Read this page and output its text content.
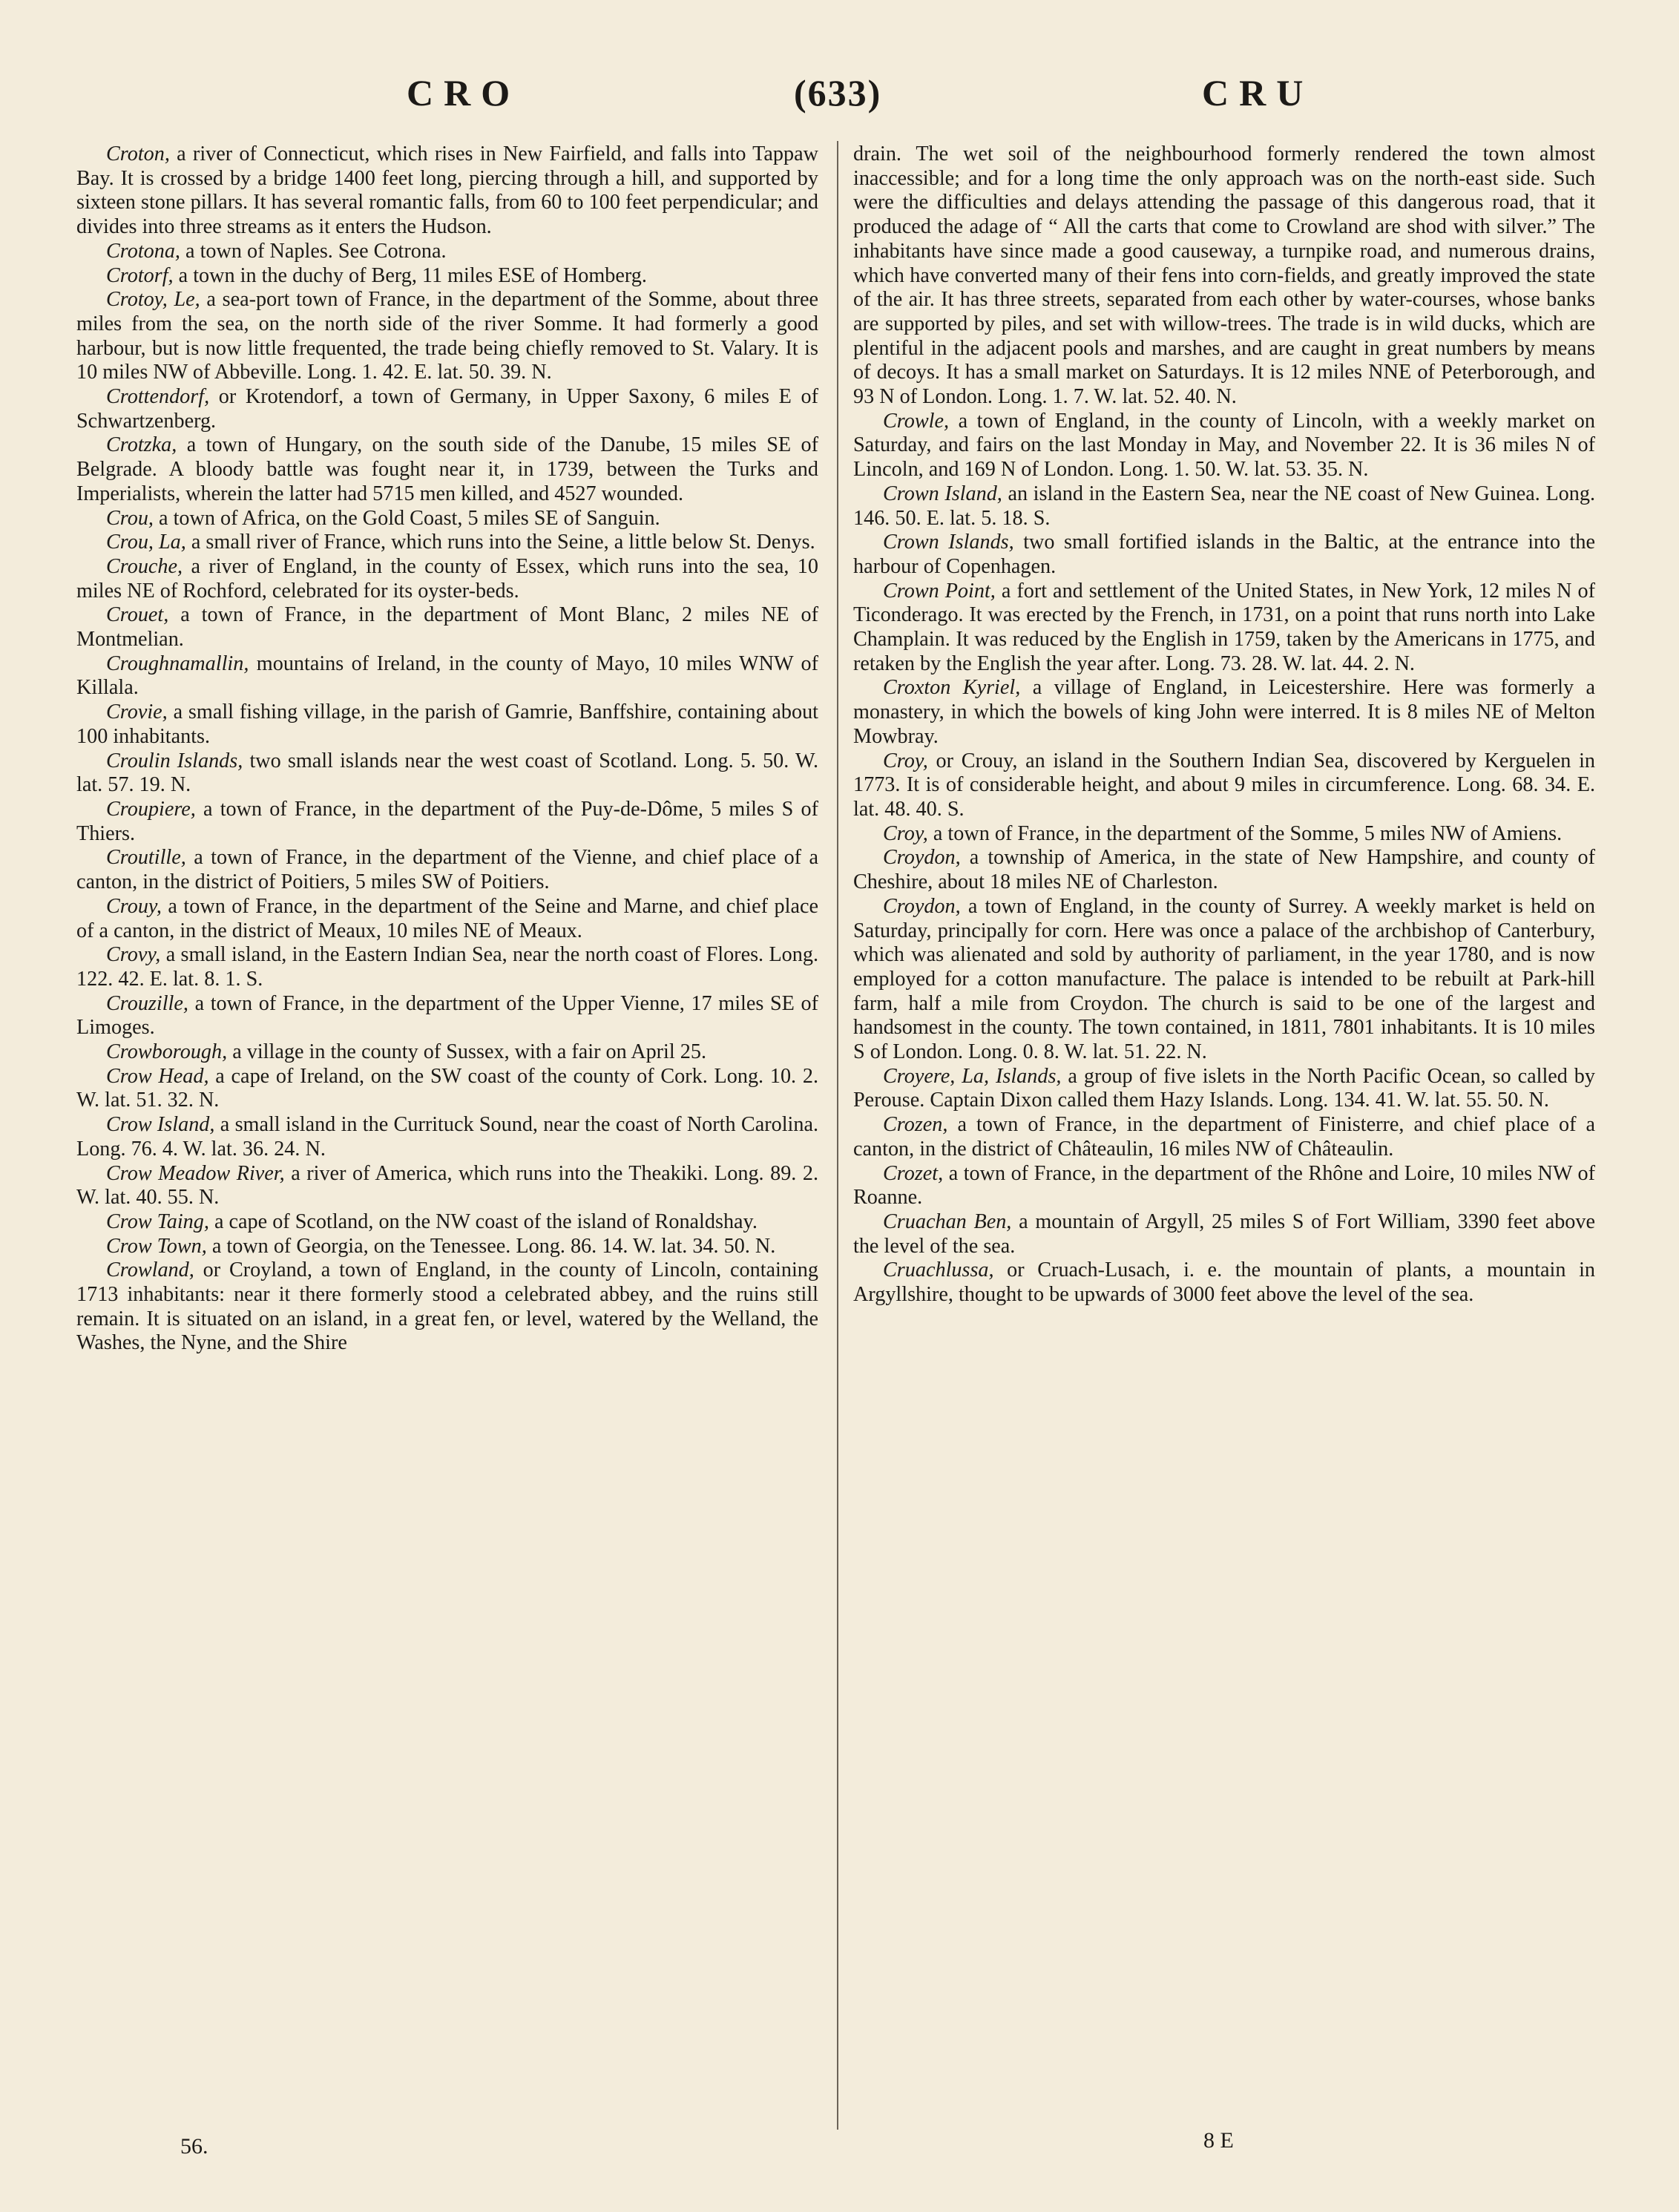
CRO	(633)	CRU

Croton, a river of Connecticut, which rises in New Fairfield, and falls into Tappaw Bay. It is crossed by a bridge 1400 feet long, piercing through a hill, and supported by sixteen stone pillars. It has several romantic falls, from 60 to 100 feet perpendicular; and divides into three streams as it enters the Hudson.

Crotona, a town of Naples. See Cotrona.

Crotorf, a town in the duchy of Berg, 11 miles ESE of Homberg.

Crotoy, Le, a sea-port town of France, in the department of the Somme, about three miles from the sea, on the north side of the river Somme. It had formerly a good harbour, but is now little frequented, the trade being chiefly removed to St. Valary. It is 10 miles NW of Abbeville. Long. 1. 42. E. lat. 50. 39. N.

Crottendorf, or Krotendorf, a town of Germany, in Upper Saxony, 6 miles E of Schwartzenberg.

Crotzka, a town of Hungary, on the south side of the Danube, 15 miles SE of Belgrade. A bloody battle was fought near it, in 1739, between the Turks and Imperialists, wherein the latter had 5715 men killed, and 4527 wounded.

Crou, a town of Africa, on the Gold Coast, 5 miles SE of Sanguin.

Crou, La, a small river of France, which runs into the Seine, a little below St. Denys.

Crouche, a river of England, in the county of Essex, which runs into the sea, 10 miles NE of Rochford, celebrated for its oyster-beds.

Crouet, a town of France, in the department of Mont Blanc, 2 miles NE of Montmelian.

Croughnamallin, mountains of Ireland, in the county of Mayo, 10 miles WNW of Killala.

Crovie, a small fishing village, in the parish of Gamrie, Banffshire, containing about 100 inhabitants.

Croulin Islands, two small islands near the west coast of Scotland. Long. 5. 50. W. lat. 57. 19. N.

Croupiere, a town of France, in the department of the Puy-de-Dôme, 5 miles S of Thiers.

Croutille, a town of France, in the department of the Vienne, and chief place of a canton, in the district of Poitiers, 5 miles SW of Poitiers.

Crouy, a town of France, in the department of the Seine and Marne, and chief place of a canton, in the district of Meaux, 10 miles NE of Meaux.

Crovy, a small island, in the Eastern Indian Sea, near the north coast of Flores. Long. 122. 42. E. lat. 8. 1. S.

Crouzille, a town of France, in the department of the Upper Vienne, 17 miles SE of Limoges.

Crowborough, a village in the county of Sussex, with a fair on April 25.

Crow Head, a cape of Ireland, on the SW coast of the county of Cork. Long. 10. 2. W. lat. 51. 32. N.

Crow Island, a small island in the Currituck Sound, near the coast of North Carolina. Long. 76. 4. W. lat. 36. 24. N.

Crow Meadow River, a river of America, which runs into the Theakiki. Long. 89. 2. W. lat. 40. 55. N.

Crow Taing, a cape of Scotland, on the NW coast of the island of Ronaldshay.

Crow Town, a town of Georgia, on the Tenessee. Long. 86. 14. W. lat. 34. 50. N.

Crowland, or Croyland, a town of England, in the county of Lincoln, containing 1713 inhabitants: near it there formerly stood a celebrated abbey, and the ruins still remain. It is situated on an island, in a great fen, or level, watered by the Welland, the Washes, the Nyne, and the Shire

drain. The wet soil of the neighbourhood formerly rendered the town almost inaccessible; and for a long time the only approach was on the north-east side. Such were the difficulties and delays attending the passage of this dangerous road, that it produced the adage of “ All the carts that come to Crowland are shod with silver.” The inhabitants have since made a good causeway, a turnpike road, and numerous drains, which have converted many of their fens into corn-fields, and greatly improved the state of the air. It has three streets, separated from each other by water-courses, whose banks are supported by piles, and set with willow-trees. The trade is in wild ducks, which are plentiful in the adjacent pools and marshes, and are caught in great numbers by means of decoys. It has a small market on Saturdays. It is 12 miles NNE of Peterborough, and 93 N of London. Long. 1. 7. W. lat. 52. 40. N.

Crowle, a town of England, in the county of Lincoln, with a weekly market on Saturday, and fairs on the last Monday in May, and November 22. It is 36 miles N of Lincoln, and 169 N of London. Long. 1. 50. W. lat. 53. 35. N.

Crown Island, an island in the Eastern Sea, near the NE coast of New Guinea. Long. 146. 50. E. lat. 5. 18. S.

Crown Islands, two small fortified islands in the Baltic, at the entrance into the harbour of Copenhagen.

Crown Point, a fort and settlement of the United States, in New York, 12 miles N of Ticonderago. It was erected by the French, in 1731, on a point that runs north into Lake Champlain. It was reduced by the English in 1759, taken by the Americans in 1775, and retaken by the English the year after. Long. 73. 28. W. lat. 44. 2. N.

Croxton Kyriel, a village of England, in Leicestershire. Here was formerly a monastery, in which the bowels of king John were interred. It is 8 miles NE of Melton Mowbray.

Croy, or Crouy, an island in the Southern Indian Sea, discovered by Kerguelen in 1773. It is of considerable height, and about 9 miles in circumference. Long. 68. 34. E. lat. 48. 40. S.

Croy, a town of France, in the department of the Somme, 5 miles NW of Amiens.

Croydon, a township of America, in the state of New Hampshire, and county of Cheshire, about 18 miles NE of Charleston.

Croydon, a town of England, in the county of Surrey. A weekly market is held on Saturday, principally for corn. Here was once a palace of the archbishop of Canterbury, which was alienated and sold by authority of parliament, in the year 1780, and is now employed for a cotton manufacture. The palace is intended to be rebuilt at Park-hill farm, half a mile from Croydon. The church is said to be one of the largest and handsomest in the county. The town contained, in 1811, 7801 inhabitants. It is 10 miles S of London. Long. 0. 8. W. lat. 51. 22. N.

Croyere, La, Islands, a group of five islets in the North Pacific Ocean, so called by Perouse. Captain Dixon called them Hazy Islands. Long. 134. 41. W. lat. 55. 50. N.

Crozen, a town of France, in the department of Finisterre, and chief place of a canton, in the district of Châteaulin, 16 miles NW of Châteaulin.

Crozet, a town of France, in the department of the Rhône and Loire, 10 miles NW of Roanne.

Cruachan Ben, a mountain of Argyll, 25 miles S of Fort William, 3390 feet above the level of the sea.

Cruachlussa, or Cruach-Lusach, i. e. the mountain of plants, a mountain in Argyllshire, thought to be upwards of 3000 feet above the level of the sea.

56.	8 E
